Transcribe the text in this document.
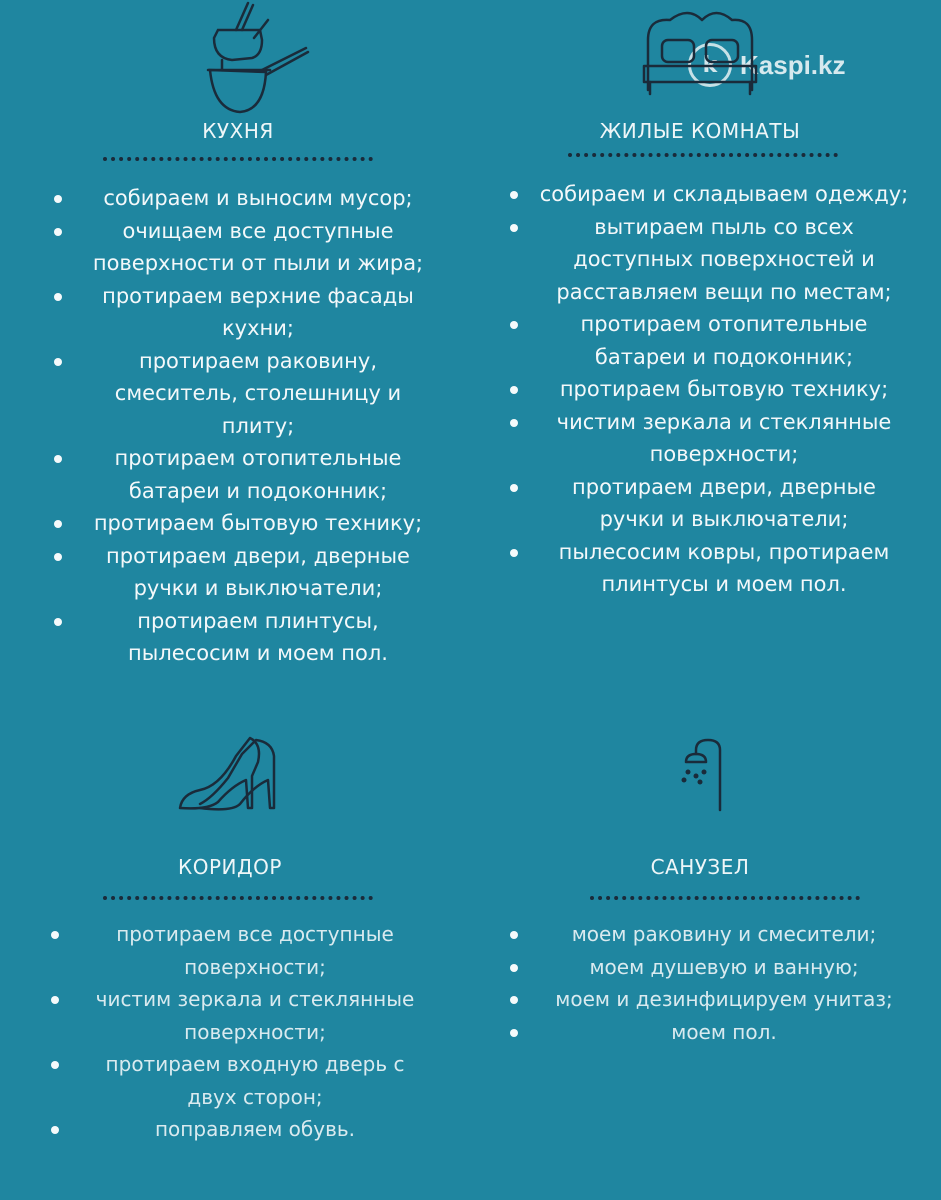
k Kaspi.kz
КУХНЯ
собираем и выносим мусор;
очищаем все доступные
поверхности от пыли и жира;
протираем верхние фасады
кухни;
протираем раковину,
смеситель, столешницу и
плиту;
протираем отопительные
батареи и подоконник;
протираем бытовую технику;
протираем двери, дверные
ручки и выключатели;
протираем плинтусы,
пылесосим и моем пол.
ЖИЛЫЕ КОМНАТЫ
собираем и складываем одежду;
вытираем пыль со всех
доступных поверхностей и
расставляем вещи по местам;
протираем отопительные
батареи и подоконник;
протираем бытовую технику;
чистим зеркала и стеклянные
поверхности;
протираем двери, дверные
ручки и выключатели;
пылесосим ковры, протираем
плинтусы и моем пол.
КОРИДОР
протираем все доступные
поверхности;
чистим зеркала и стеклянные
поверхности;
протираем входную дверь с
двух сторон;
поправляем обувь.
САНУЗЕЛ
моем раковину и смесители;
моем душевую и ванную;
моем и дезинфицируем унитаз;
моем пол.
